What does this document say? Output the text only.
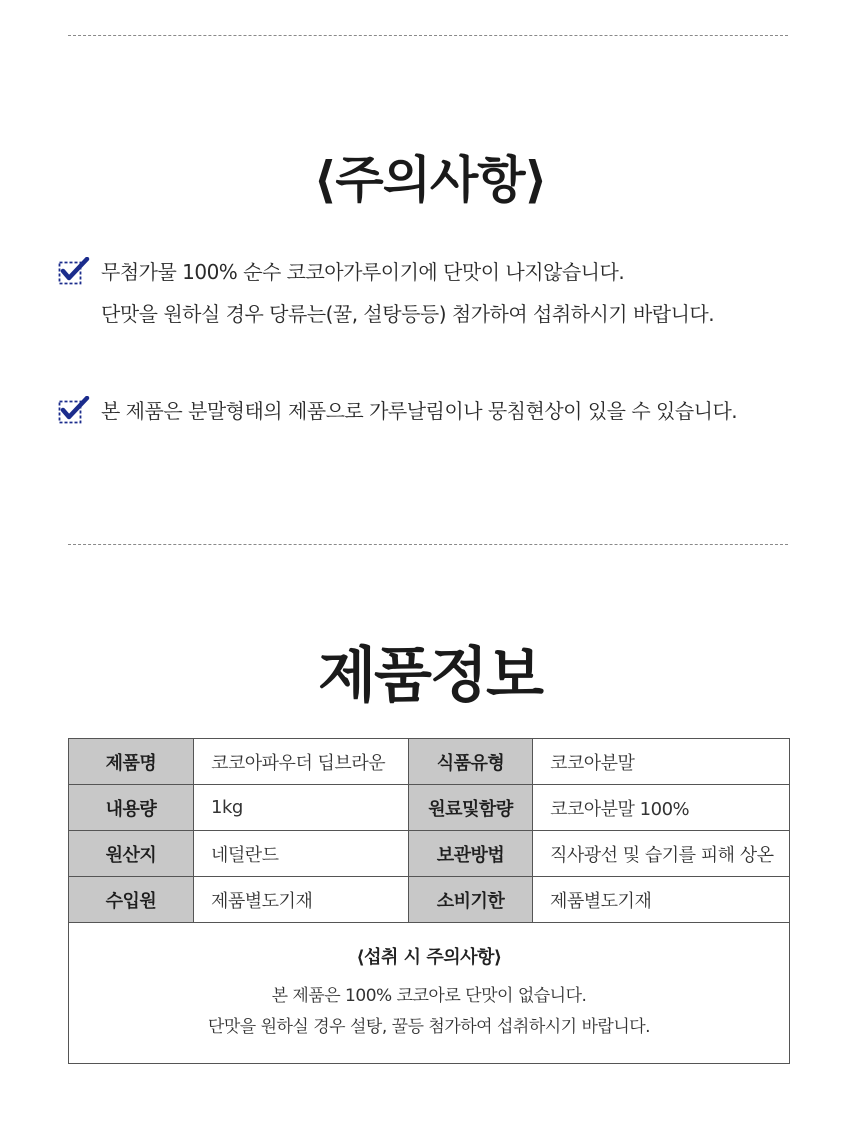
⟨주의사항⟩
무첨가물 100% 순수 코코아가루이기에 단맛이 나지않습니다.
단맛을 원하실 경우 당류는(꿀, 설탕등등) 첨가하여 섭취하시기 바랍니다.
본 제품은 분말형태의 제품으로 가루날림이나 뭉침현상이 있을 수 있습니다.
제품정보
제품명	코코아파우더 딥브라운	식품유형	코코아분말
내용량	1kg	원료및함량	코코아분말 100%
원산지	네덜란드	보관방법	직사광선 및 습기를 피해 상온
수입원	제품별도기재	소비기한	제품별도기재

⟨섭취 시 주의사항⟩
본 제품은 100% 코코아로 단맛이 없습니다.
단맛을 원하실 경우 설탕, 꿀등 첨가하여 섭취하시기 바랍니다.			
